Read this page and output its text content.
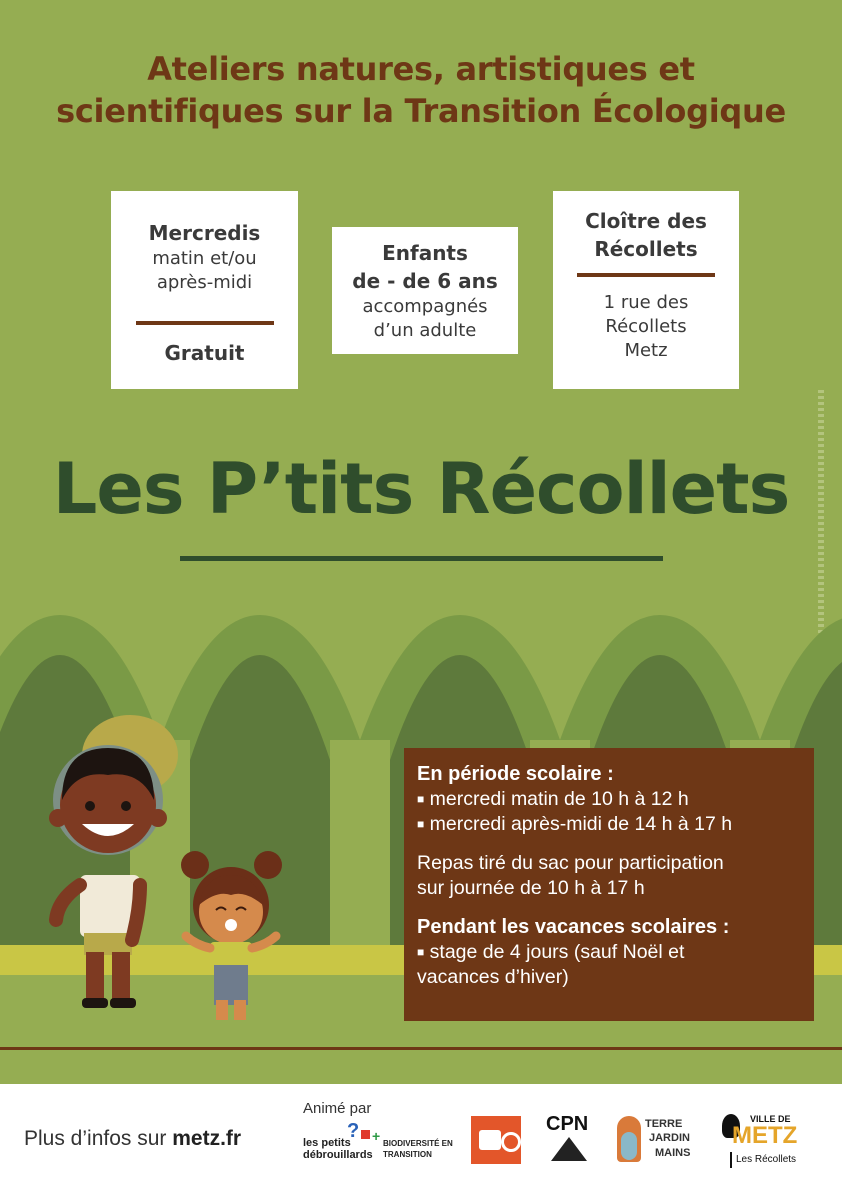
Ateliers natures, artistiques et
scientifiques sur la Transition Écologique
Mercredis
matin et/ou
après-midi
Gratuit
Enfants
de - de 6 ans
accompagnés
d’un adulte
Cloître des
Récollets
1 rue des
Récollets
Metz
Les P’tits Récollets
En période scolaire :
■ mercredi matin de 10 h à 12 h
■ mercredi après-midi de 14 h à 17 h
Repas tiré du sac pour participation
sur journée de 10 h à 17 h
Pendant les vacances scolaires :
■ stage de 4 jours (sauf Noël et
vacances d’hiver)
Plus d’infos sur metz.fr
Animé par
? +
les petits
débrouillards
BIODIVERSITÉ EN
TRANSITION
CPN	TERRE
JARDIN
MAINS
VILLE DE
METZ
Les Récollets
